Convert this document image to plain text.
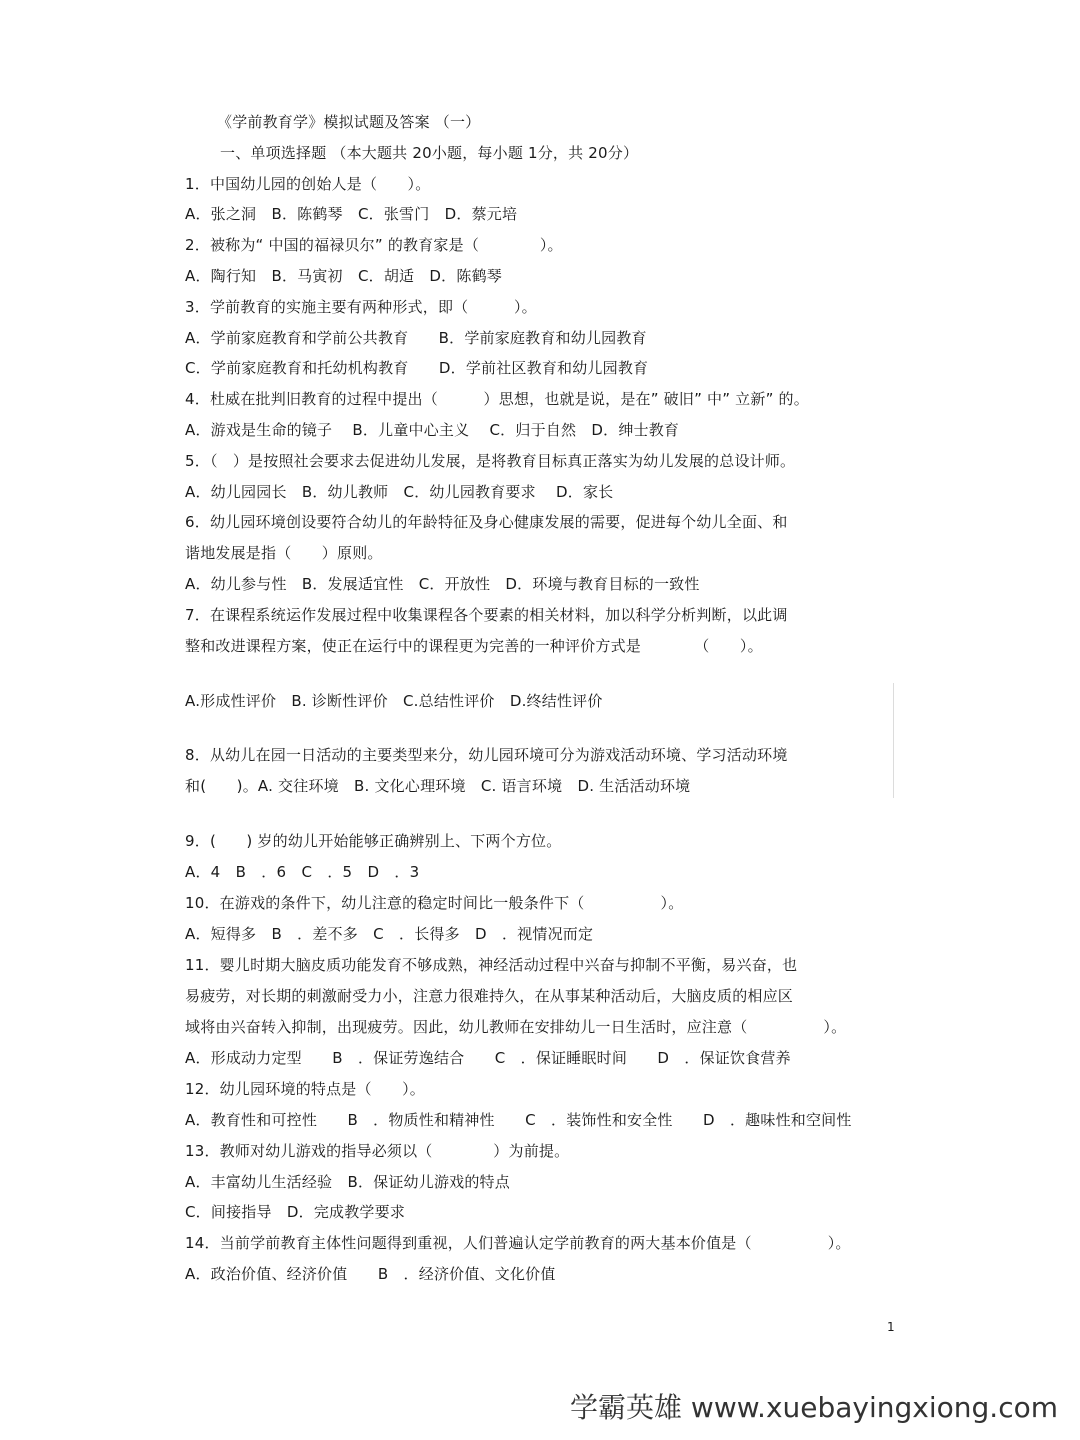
《学前教育学》模拟试题及答案 （一）
一、单项选择题 （本大题共 20小题，每小题 1分，共 20分）
1．中国幼儿园的创始人是（　　）。
A．张之洞　B．陈鹤琴　C．张雪门　D．蔡元培
2．被称为“ 中国的福禄贝尔” 的教育家是（　　　　）。
A．陶行知　B．马寅初　C．胡适　D．陈鹤琴
3．学前教育的实施主要有两种形式，即（　　　）。
A．学前家庭教育和学前公共教育　　B．学前家庭教育和幼儿园教育
C．学前家庭教育和托幼机构教育　　D．学前社区教育和幼儿园教育
4．杜威在批判旧教育的过程中提出（　　　）思想，也就是说，是在” 破旧” 中” 立新” 的。
A．游戏是生命的镜子　 B．儿童中心主义　 C．归于自然　D．绅士教育
5．（　）是按照社会要求去促进幼儿发展，是将教育目标真正落实为幼儿发展的总设计师。
A．幼儿园园长　B．幼儿教师　C．幼儿园教育要求　 D．家长
6．幼儿园环境创设要符合幼儿的年龄特征及身心健康发展的需要，促进每个幼儿全面、和
谐地发展是指（　　）原则。
A．幼儿参与性　B．发展适宜性　C．开放性　D．环境与教育目标的一致性
7．在课程系统运作发展过程中收集课程各个要素的相关材料，加以科学分析判断，以此调
整和改进课程方案，使正在运行中的课程更为完善的一种评价方式是　　　　（　　）。
A.形成性评价　B. 诊断性评价　C.总结性评价　D.终结性评价
8．从幼儿在园一日活动的主要类型来分，幼儿园环境可分为游戏活动环境、学习活动环境
和(　　)。A. 交往环境　B. 文化心理环境　C. 语言环境　D. 生活活动环境
9．(　　) 岁的幼儿开始能够正确辨别上、下两个方位。
A．4　B　．6　C　．5　D　．3
10．在游戏的条件下，幼儿注意的稳定时间比一般条件下（　　　　　）。
A．短得多　B　．差不多　C　．长得多　D　．视情况而定
11．婴儿时期大脑皮质功能发育不够成熟，神经活动过程中兴奋与抑制不平衡，易兴奋，也
易疲劳，对长期的刺激耐受力小，注意力很难持久，在从事某种活动后，大脑皮质的相应区
域将由兴奋转入抑制，出现疲劳。因此，幼儿教师在安排幼儿一日生活时，应注意（　　　　　）。
A．形成动力定型　　B　．保证劳逸结合　　C　．保证睡眠时间　　D　．保证饮食营养
12．幼儿园环境的特点是（　　）。
A．教育性和可控性　　B　．物质性和精神性　　C　．装饰性和安全性　　D　．趣味性和空间性
13．教师对幼儿游戏的指导必须以（　　　　）为前提。
A．丰富幼儿生活经验　B．保证幼儿游戏的特点
C．间接指导　D．完成教学要求
14．当前学前教育主体性问题得到重视，人们普遍认定学前教育的两大基本价值是（　　　　　）。
A．政治价值、经济价值　　B　．经济价值、文化价值
1
学霸英雄 www.xuebayingxiong.com
